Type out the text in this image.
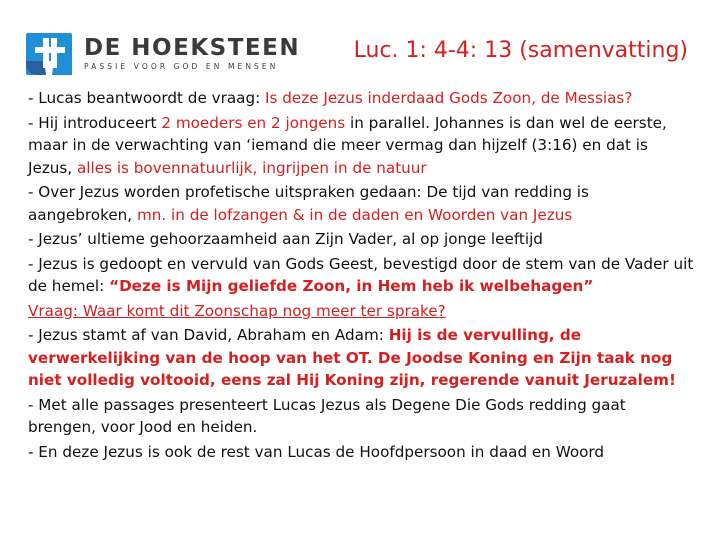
DE HOEKSTEEN
PASSIE VOOR GOD EN MENSEN
Luc. 1: 4-4: 13 (samenvatting)

- Lucas beantwoordt de vraag: Is deze Jezus inderdaad Gods Zoon, de Messias?

- Hij introduceert 2 moeders en 2 jongens in parallel. Johannes is dan wel de eerste, maar in de verwachting van ‘iemand die meer vermag dan hijzelf (3:16) en dat is Jezus, alles is bovennatuurlijk, ingrijpen in de natuur

- Over Jezus worden profetische uitspraken gedaan: De tijd van redding is aangebroken, mn. in de lofzangen & in de daden en Woorden van Jezus

- Jezus’ ultieme gehoorzaamheid aan Zijn Vader, al op jonge leeftijd

- Jezus is gedoopt en vervuld van Gods Geest, bevestigd door de stem van de Vader uit de hemel: “Deze is Mijn geliefde Zoon, in Hem heb ik welbehagen”

Vraag: Waar komt dit Zoonschap nog meer ter sprake?

- Jezus stamt af van David, Abraham en Adam: Hij is de vervulling, de verwerkelijking van de hoop van het OT. De Joodse Koning en Zijn taak nog niet volledig voltooid, eens zal Hij Koning zijn, regerende vanuit Jeruzalem!

- Met alle passages presenteert Lucas Jezus als Degene Die Gods redding gaat brengen, voor Jood en heiden.

- En deze Jezus is ook de rest van Lucas de Hoofdpersoon in daad en Woord
